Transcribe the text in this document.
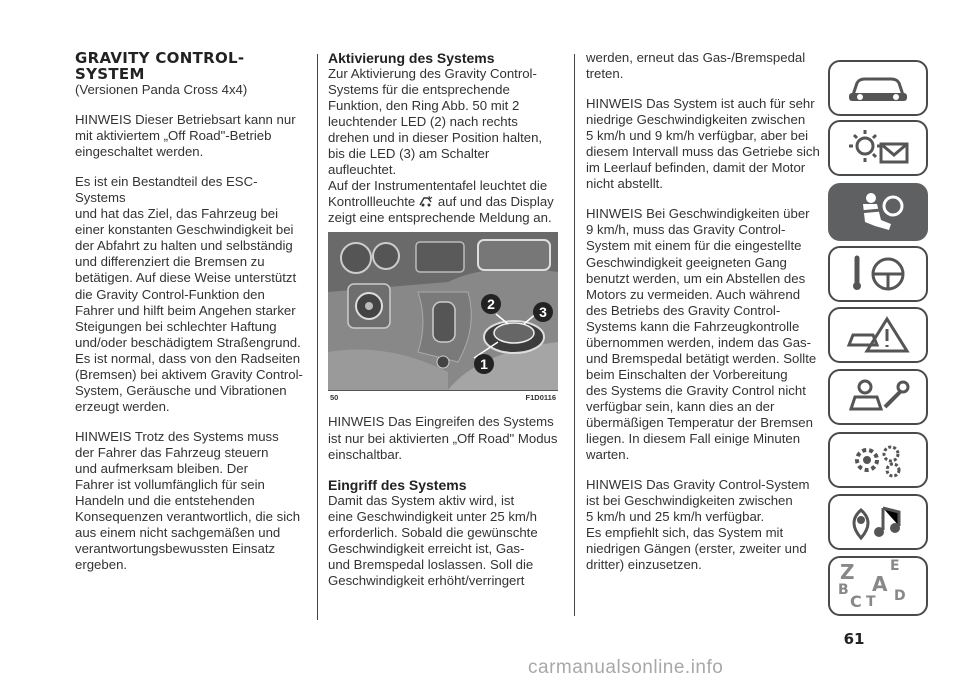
GRAVITY CONTROL-
SYSTEM

(Versionen Panda Cross 4x4)

HINWEIS Dieser Betriebsart kann nur
mit aktiviertem „Off Road"-Betrieb
eingeschaltet werden.

Es ist ein Bestandteil des ESC-Systems
und hat das Ziel, das Fahrzeug bei
einer konstanten Geschwindigkeit bei
der Abfahrt zu halten und selbständig
und differenziert die Bremsen zu
betätigen. Auf diese Weise unterstützt
die Gravity Control-Funktion den
Fahrer und hilft beim Angehen starker
Steigungen bei schlechter Haftung
und/oder beschädigtem Straßengrund.
Es ist normal, dass von den Radseiten
(Bremsen) bei aktivem Gravity Control-
System, Geräusche und Vibrationen
erzeugt werden.

HINWEIS Trotz des Systems muss
der Fahrer das Fahrzeug steuern
und aufmerksam bleiben. Der
Fahrer ist vollumfänglich für sein
Handeln und die entstehenden
Konsequenzen verantwortlich, die sich
aus einem nicht sachgemäßen und
verantwortungsbewussten Einsatz
ergeben.

Aktivierung des Systems

Zur Aktivierung des Gravity Control-
Systems für die entsprechende
Funktion, den Ring Abb. 50 mit 2
leuchtender LED (2) nach rechts
drehen und in dieser Position halten,
bis die LED (3) am Schalter aufleuchtet.
Auf der Instrumententafel leuchtet die
Kontrollleuchte auf und das Display
zeigt eine entsprechende Meldung an.

2	3
1
50	F1D0116

HINWEIS Das Eingreifen des Systems
ist nur bei aktivierten „Off Road" Modus
einschaltbar.

Eingriff des Systems

Damit das System aktiv wird, ist
eine Geschwindigkeit unter 25 km/h
erforderlich. Sobald die gewünschte
Geschwindigkeit erreicht ist, Gas-
und Bremspedal loslassen. Soll die
Geschwindigkeit erhöht/verringert

werden, erneut das Gas-/Bremspedal
treten.

HINWEIS Das System ist auch für sehr
niedrige Geschwindigkeiten zwischen
5 km/h und 9 km/h verfügbar, aber bei
diesem Intervall muss das Getriebe sich
im Leerlauf befinden, damit der Motor
nicht abstellt.

HINWEIS Bei Geschwindigkeiten über
9 km/h, muss das Gravity Control-
System mit einem für die eingestellte
Geschwindigkeit geeigneten Gang
benutzt werden, um ein Abstellen des
Motors zu vermeiden. Auch während
des Betriebs des Gravity Control-
Systems kann die Fahrzeugkontrolle
übernommen werden, indem das Gas-
und Bremspedal betätigt werden. Sollte
beim Einschalten der Vorbereitung
des Systems die Gravity Control nicht
verfügbar sein, kann dies an der
übermäßigen Temperatur der Bremsen
liegen. In diesem Fall einige Minuten
warten.

HINWEIS Das Gravity Control-System
ist bei Geschwindigkeiten zwischen
5 km/h und 25 km/h verfügbar.

Es empfiehlt sich, das System mit
niedrigen Gängen (erster, zweiter und
dritter) einzusetzen.	Z	E
A
B
C D
T
61
carmanualsonline.info
